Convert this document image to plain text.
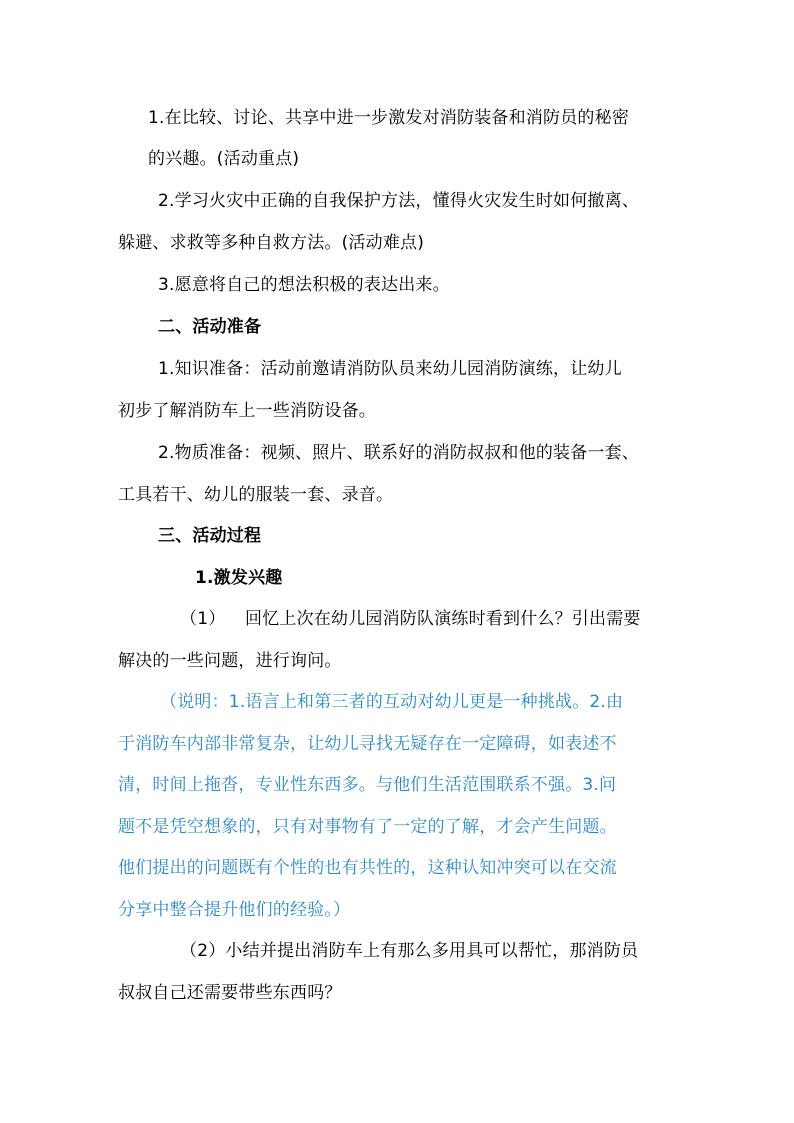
1.在比较、讨论、共享中进一步激发对消防装备和消防员的秘密
的兴趣。(活动重点)
2.学习火灾中正确的自我保护方法，懂得火灾发生时如何撤离、
躲避、求救等多种自救方法。(活动难点)
3.愿意将自己的想法积极的表达出来。
二、活动准备
1.知识准备：活动前邀请消防队员来幼儿园消防演练，让幼儿
初步了解消防车上一些消防设备。
2.物质准备：视频、照片、联系好的消防叔叔和他的装备一套、
工具若干、幼儿的服装一套、录音。
三、活动过程
1.激发兴趣
（1） 回忆上次在幼儿园消防队演练时看到什么？引出需要
解决的一些问题，进行询问。
（说明：1.语言上和第三者的互动对幼儿更是一种挑战。2.由
于消防车内部非常复杂，让幼儿寻找无疑存在一定障碍，如表述不
清，时间上拖沓，专业性东西多。与他们生活范围联系不强。3.问
题不是凭空想象的，只有对事物有了一定的了解，才会产生问题。
他们提出的问题既有个性的也有共性的，这种认知冲突可以在交流
分享中整合提升他们的经验。）
（2）小结并提出消防车上有那么多用具可以帮忙，那消防员
叔叔自己还需要带些东西吗？
